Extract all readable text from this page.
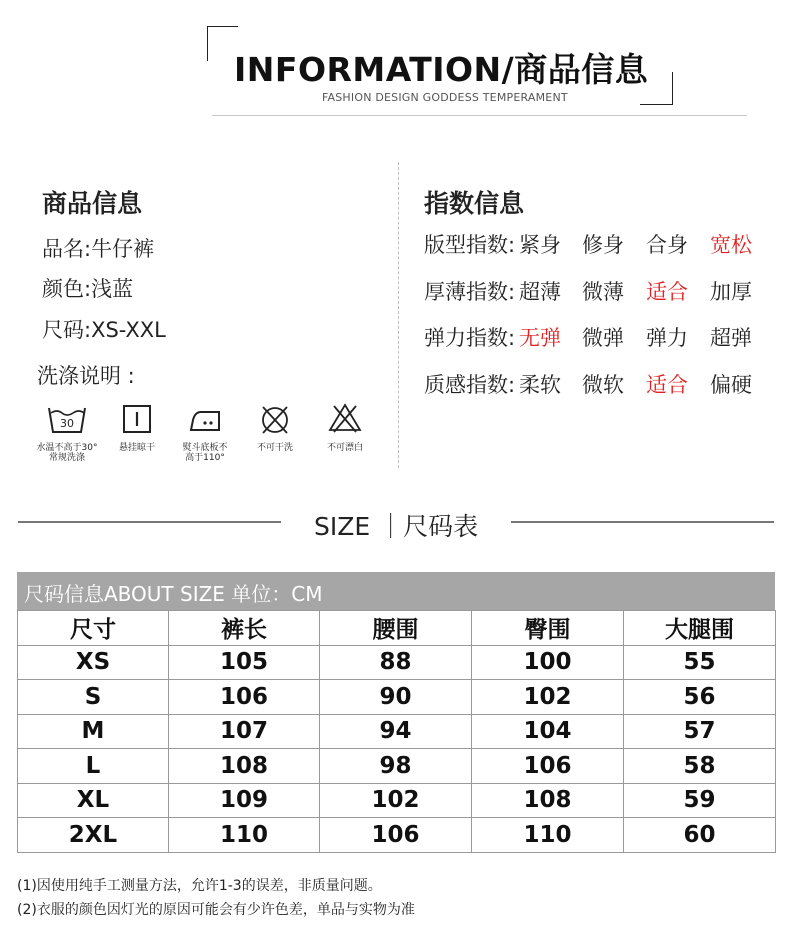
INFORMATION/商品信息
FASHION DESIGN GODDESS TEMPERAMENT
商品信息
品名:牛仔裤
颜色:浅蓝
尺码:XS-XXL
洗涤说明 :
30
水温不高于30°
常规洗涤
悬挂晾干	熨斗底板不
高于110°
不可干洗	不可漂白
指数信息
版型指数: 紧身 修身 合身 宽松
厚薄指数: 超薄 微薄 适合 加厚
弹力指数: 无弹 微弹 弹力 超弹
质感指数: 柔软 微软 适合 偏硬
SIZE ｜尺码表
尺码信息ABOUT SIZE 单位：CM
尺寸	裤长	腰围	臀围	大腿围
XS	105	88	100	55
S	106	90	102	56
M	107	94	104	57
L	108	98	106	58
XL	109	102	108	59
2XL	110	106	110	60
(1)因使用纯手工测量方法，允许1-3的误差，非质量问题。
(2)衣服的颜色因灯光的原因可能会有少许色差，单品与实物为准
